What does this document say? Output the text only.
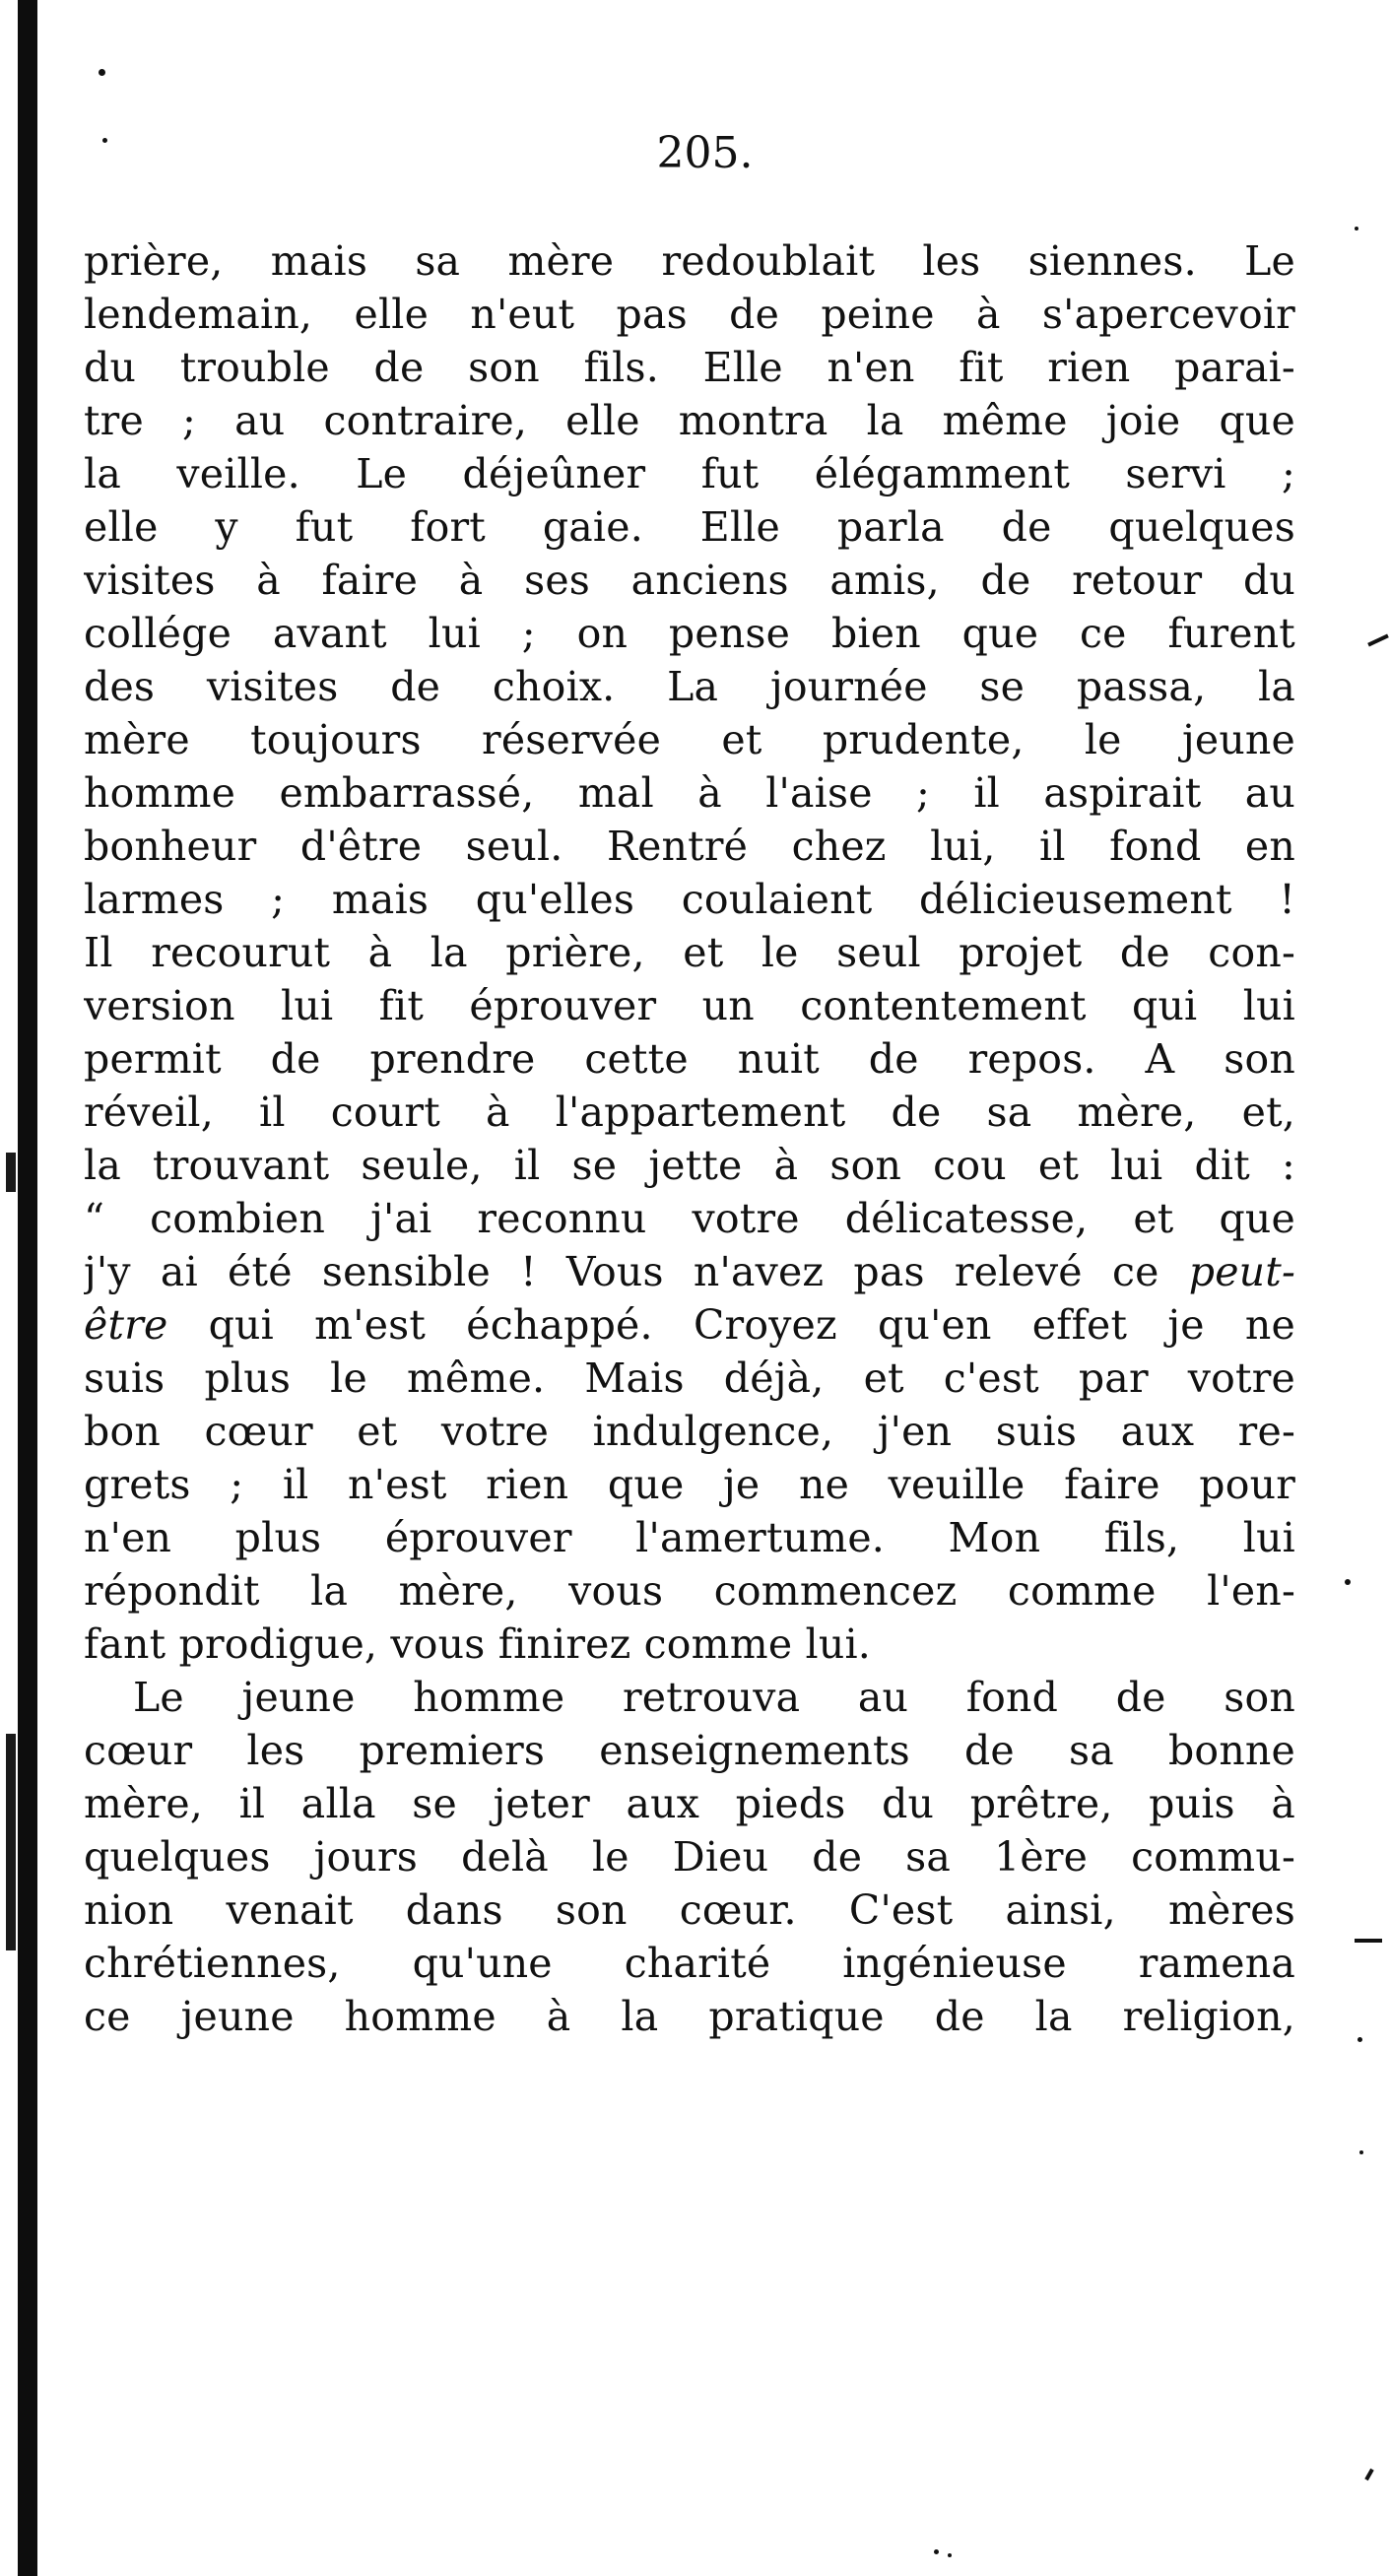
205.
prière, mais sa mère redoublait les siennes. Le
lendemain, elle n'eut pas de peine à s'apercevoir
du trouble de son fils. Elle n'en fit rien parai-
tre ; au contraire, elle montra la même joie que
la veille. Le déjeûner fut élégamment servi ;
elle y fut fort gaie. Elle parla de quelques
visites à faire à ses anciens amis, de retour du
collége avant lui ; on pense bien que ce furent
des visites de choix. La journée se passa, la
mère toujours réservée et prudente, le jeune
homme embarrassé, mal à l'aise ; il aspirait au
bonheur d'être seul. Rentré chez lui, il fond en
larmes ; mais qu'elles coulaient délicieusement !
Il recourut à la prière, et le seul projet de con-
version lui fit éprouver un contentement qui lui
permit de prendre cette nuit de repos. A son
réveil, il court à l'appartement de sa mère, et,
la trouvant seule, il se jette à son cou et lui dit :
“ combien j'ai reconnu votre délicatesse, et que
j'y ai été sensible ! Vous n'avez pas relevé ce peut-
être qui m'est échappé. Croyez qu'en effet je ne
suis plus le même. Mais déjà, et c'est par votre
bon cœur et votre indulgence, j'en suis aux re-
grets ; il n'est rien que je ne veuille faire pour
n'en plus éprouver l'amertume. Mon fils, lui
répondit la mère, vous commencez comme l'en-
fant prodigue, vous finirez comme lui.
Le jeune homme retrouva au fond de son
cœur les premiers enseignements de sa bonne
mère, il alla se jeter aux pieds du prêtre, puis à
quelques jours delà le Dieu de sa 1ère commu-
nion venait dans son cœur. C'est ainsi, mères
chrétiennes, qu'une charité ingénieuse ramena
ce jeune homme à la pratique de la religion,
